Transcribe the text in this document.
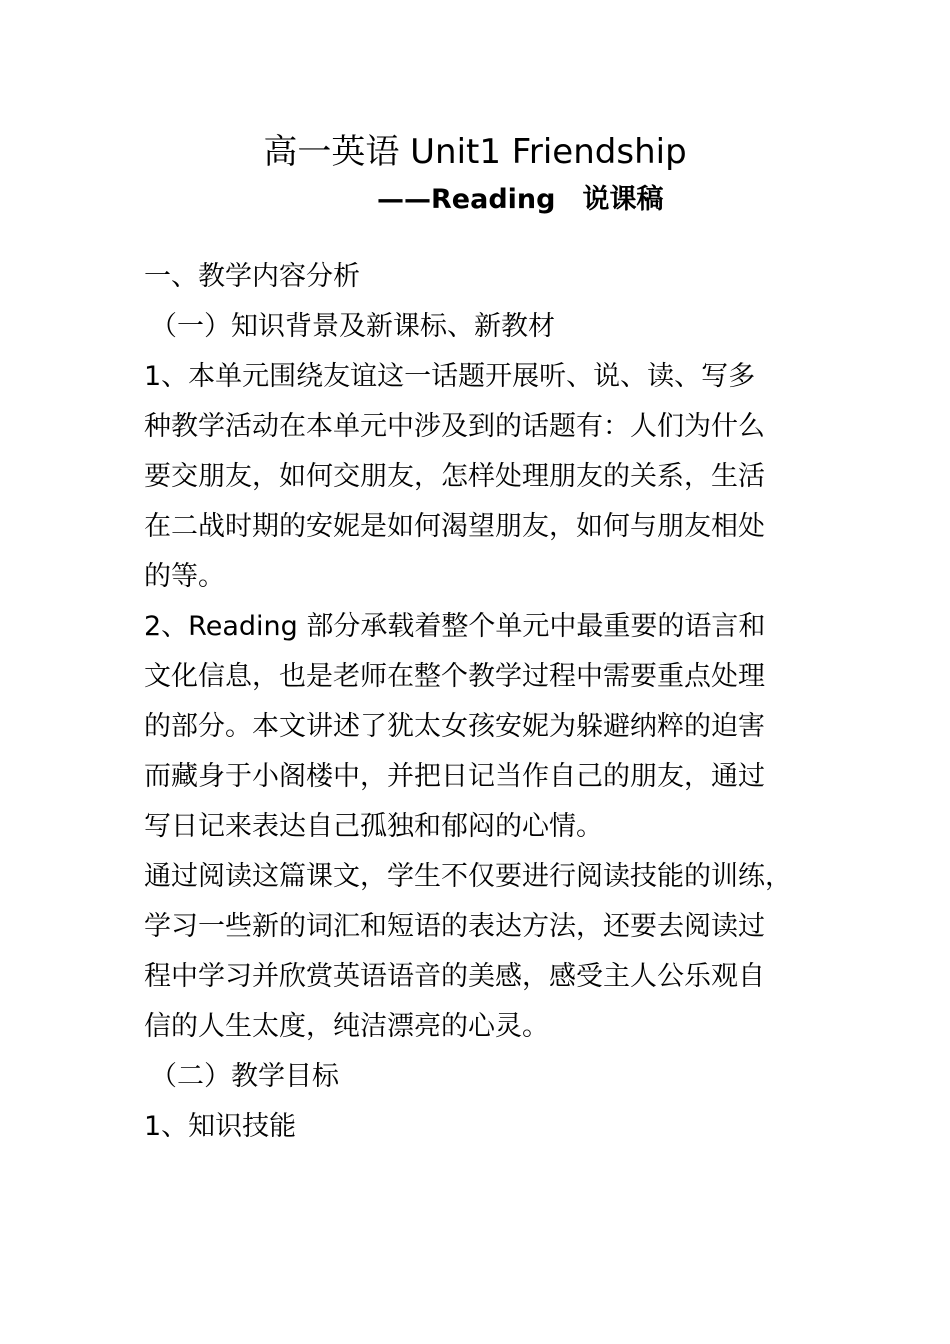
高一英语 Unit1 Friendship
——Reading　说课稿
一、教学内容分析
（一）知识背景及新课标、新教材
1、本单元围绕友谊这一话题开展听、说、读、写多
种教学活动在本单元中涉及到的话题有：人们为什么
要交朋友，如何交朋友，怎样处理朋友的关系，生活
在二战时期的安妮是如何渴望朋友，如何与朋友相处
的等。
2、Reading 部分承载着整个单元中最重要的语言和
文化信息，也是老师在整个教学过程中需要重点处理
的部分。本文讲述了犹太女孩安妮为躲避纳粹的迫害
而藏身于小阁楼中，并把日记当作自己的朋友，通过
写日记来表达自己孤独和郁闷的心情。
通过阅读这篇课文，学生不仅要进行阅读技能的训练，
学习一些新的词汇和短语的表达方法，还要去阅读过
程中学习并欣赏英语语音的美感，感受主人公乐观自
信的人生太度，纯洁漂亮的心灵。
（二）教学目标
1、知识技能
